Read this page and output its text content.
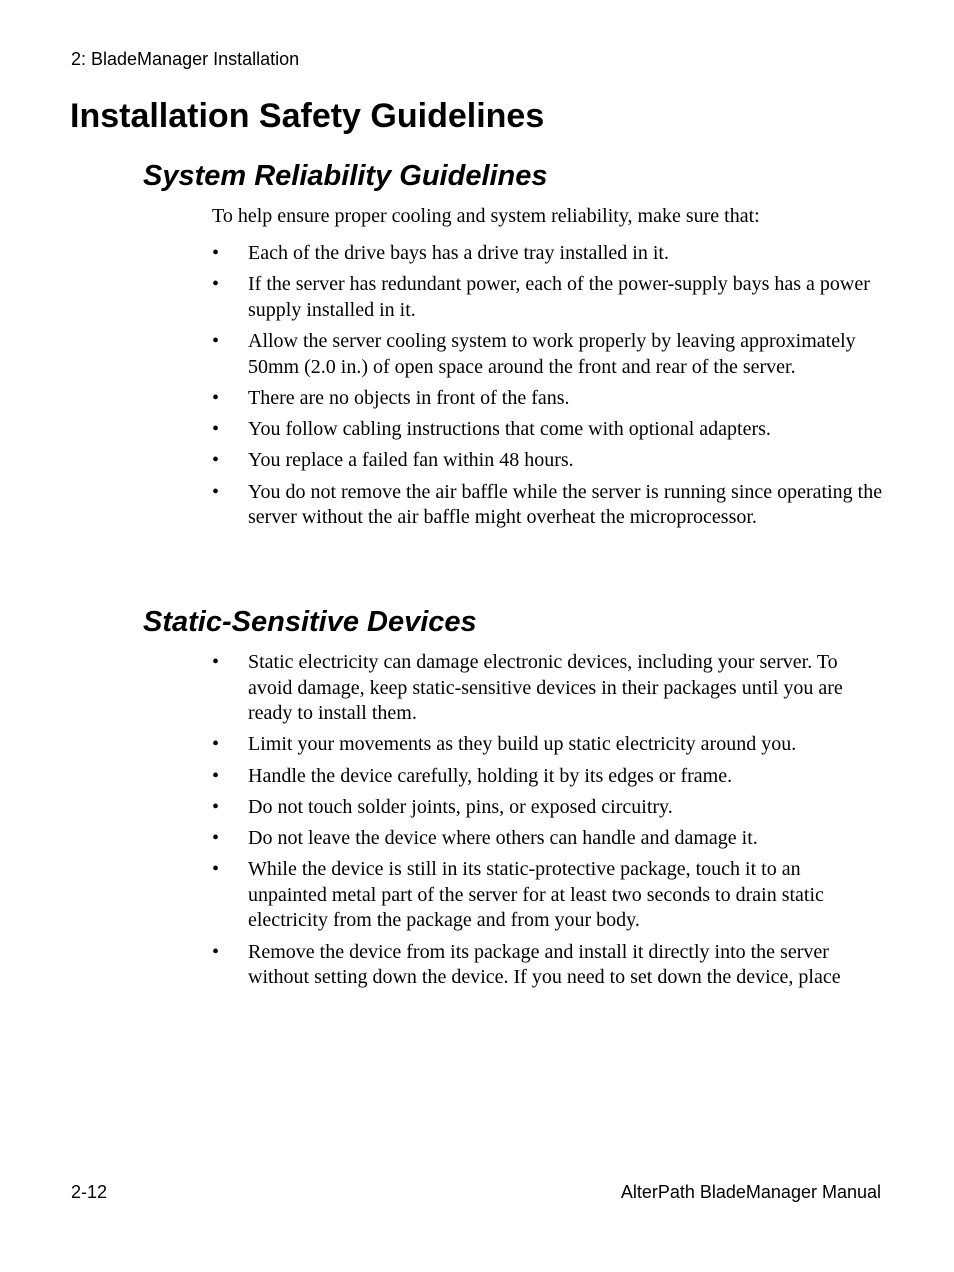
2: BladeManager Installation
Installation Safety Guidelines
System Reliability Guidelines

To help ensure proper cooling and system reliability, make sure that:

• Each of the drive bays has a drive tray installed in it.
• If the server has redundant power, each of the power-supply bays has a power supply installed in it.
• Allow the server cooling system to work properly by leaving approximately 50mm (2.0 in.) of open space around the front and rear of the server.
• There are no objects in front of the fans.
• You follow cabling instructions that come with optional adapters.
• You replace a failed fan within 48 hours.
• You do not remove the air baffle while the server is running since operating the server without the air baffle might overheat the microprocessor.
Static-Sensitive Devices
• Static electricity can damage electronic devices, including your server. To avoid damage, keep static-sensitive devices in their packages until you are ready to install them.
• Limit your movements as they build up static electricity around you.
• Handle the device carefully, holding it by its edges or frame.
• Do not touch solder joints, pins, or exposed circuitry.
• Do not leave the device where others can handle and damage it.
• While the device is still in its static-protective package, touch it to an unpainted metal part of the server for at least two seconds to drain static electricity from the package and from your body.
• Remove the device from its package and install it directly into the server without setting down the device. If you need to set down the device, place
2-12	AlterPath BladeManager Manual
